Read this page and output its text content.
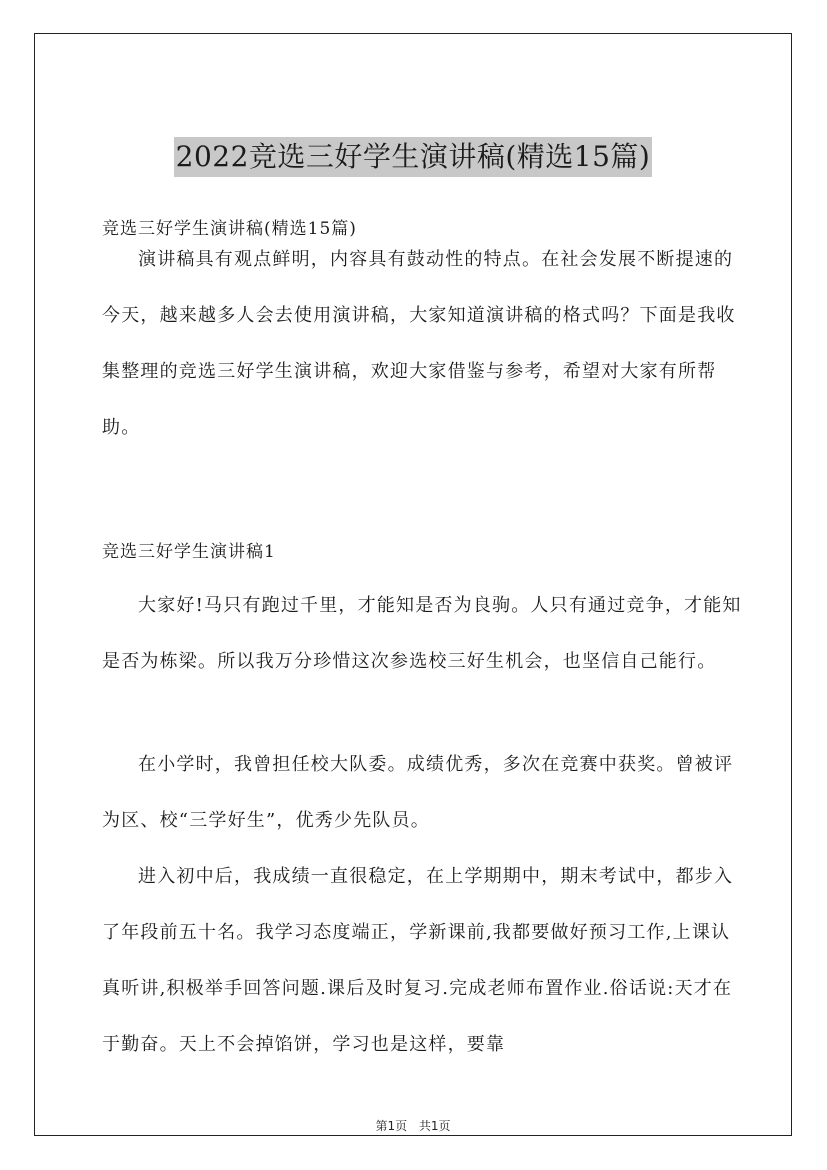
2022竞选三好学生演讲稿(精选15篇)
竞选三好学生演讲稿(精选15篇)

演讲稿具有观点鲜明，内容具有鼓动性的特点。在社会发展不断提速的今天，越来越多人会去使用演讲稿，大家知道演讲稿的格式吗？下面是我收集整理的竞选三好学生演讲稿，欢迎大家借鉴与参考，希望对大家有所帮助。

竞选三好学生演讲稿1

大家好!马只有跑过千里，才能知是否为良驹。人只有通过竞争，才能知是否为栋梁。所以我万分珍惜这次参选校三好生机会，也坚信自己能行。

在小学时，我曾担任校大队委。成绩优秀，多次在竞赛中获奖。曾被评为区、校“三学好生”，优秀少先队员。

进入初中后，我成绩一直很稳定，在上学期期中，期末考试中，都步入了年段前五十名。我学习态度端正，学新课前,我都要做好预习工作,上课认真听讲,积极举手回答问题.课后及时复习.完成老师布置作业.俗话说:天才在于勤奋。天上不会掉馅饼，学习也是这样，要靠

第1页 共1页
